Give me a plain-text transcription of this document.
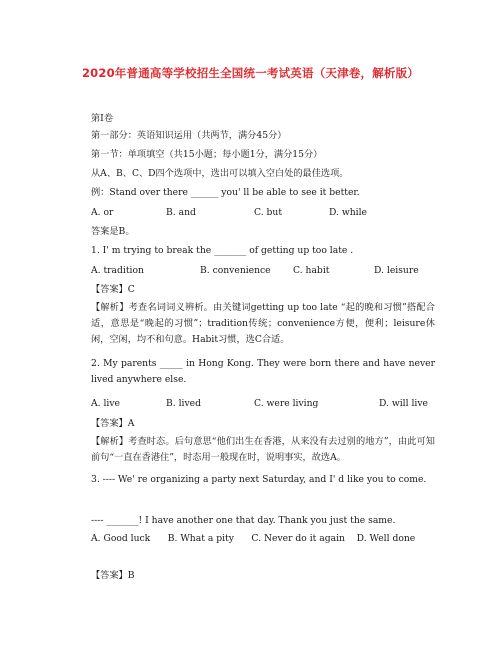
2020年普通高等学校招生全国统一考试英语（天津卷，解析版）
第Ⅰ卷
第一部分：英语知识运用（共两节，满分45分）
第一节：单项填空（共15小题；每小题1分，满分15分）
从A、B、C、D四个选项中，选出可以填入空白处的最佳选项。
例：Stand over there ______ you' ll be able to see it better.
A. or	B. and	C. but	D. while
答案是B。
1. I' m trying to break the _______ of getting up too late .
A. tradition	B. convenience C. habit	D. leisure
【答案】C
【解析】考查名词词义辨析。由关键词getting up too late “起的晚和习惯”搭配合适，意思是“晚起的习惯”；tradition传统；convenience方便，便利；leisure休闲，空闲，均不和句意。Habit习惯，选C合适。
2. My parents _____ in Hong Kong. They were born there and have never lived anywhere else.
A. live	B. lived	C. were living	D. will live
【答案】A
【解析】考查时态。后句意思“他们出生在香港，从来没有去过别的地方”，由此可知前句“一直在香港住”，时态用一般现在时，说明事实，故选A。
3. ---- We' re organizing a party next Saturday, and I' d like you to come.
---- _______! I have another one that day. Thank you just the same.
A. Good luck      B. What a pity      C. Never do it again    D. Well done
【答案】B
